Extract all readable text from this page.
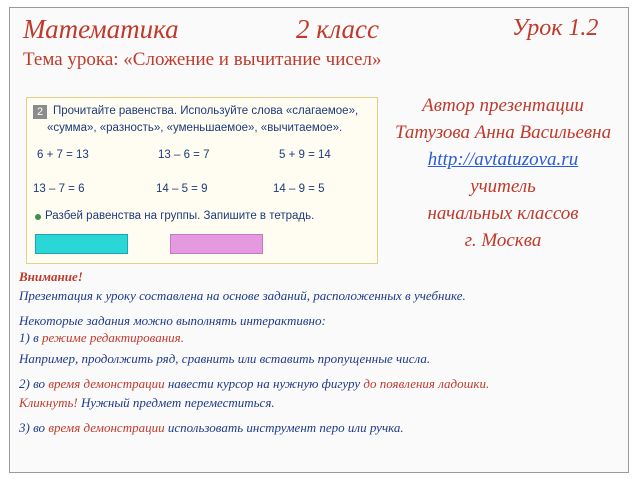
Математика	2 класс	Урок 1.2
Тема урока: «Сложение и вычитание чисел»
2 Прочитайте равенства. Используйте слова «слагаемое»,
«сумма», «разность», «уменьшаемое», «вычитаемое».
6 + 7 = 13	13 – 6 = 7	5 + 9 = 14
13 – 7 = 6	14 – 5 = 9	14 – 9 = 5
Разбей равенства на группы. Запишите в тетрадь.
Автор презентации
Татузова Анна Васильевна
http://avtatuzova.ru
учитель
начальных классов
г. Москва
Внимание!
Презентация к уроку составлена на основе заданий, расположенных в учебнике.
Некоторые задания можно выполнять интерактивно:
1) в режиме редактирования.
Например, продолжить ряд, сравнить или вставить пропущенные числа.
2) во время демонстрации навести курсор на нужную фигуру до появления ладошки.
Кликнуть! Нужный предмет переместиться.
3) во время демонстрации использовать инструмент перо или ручка.
